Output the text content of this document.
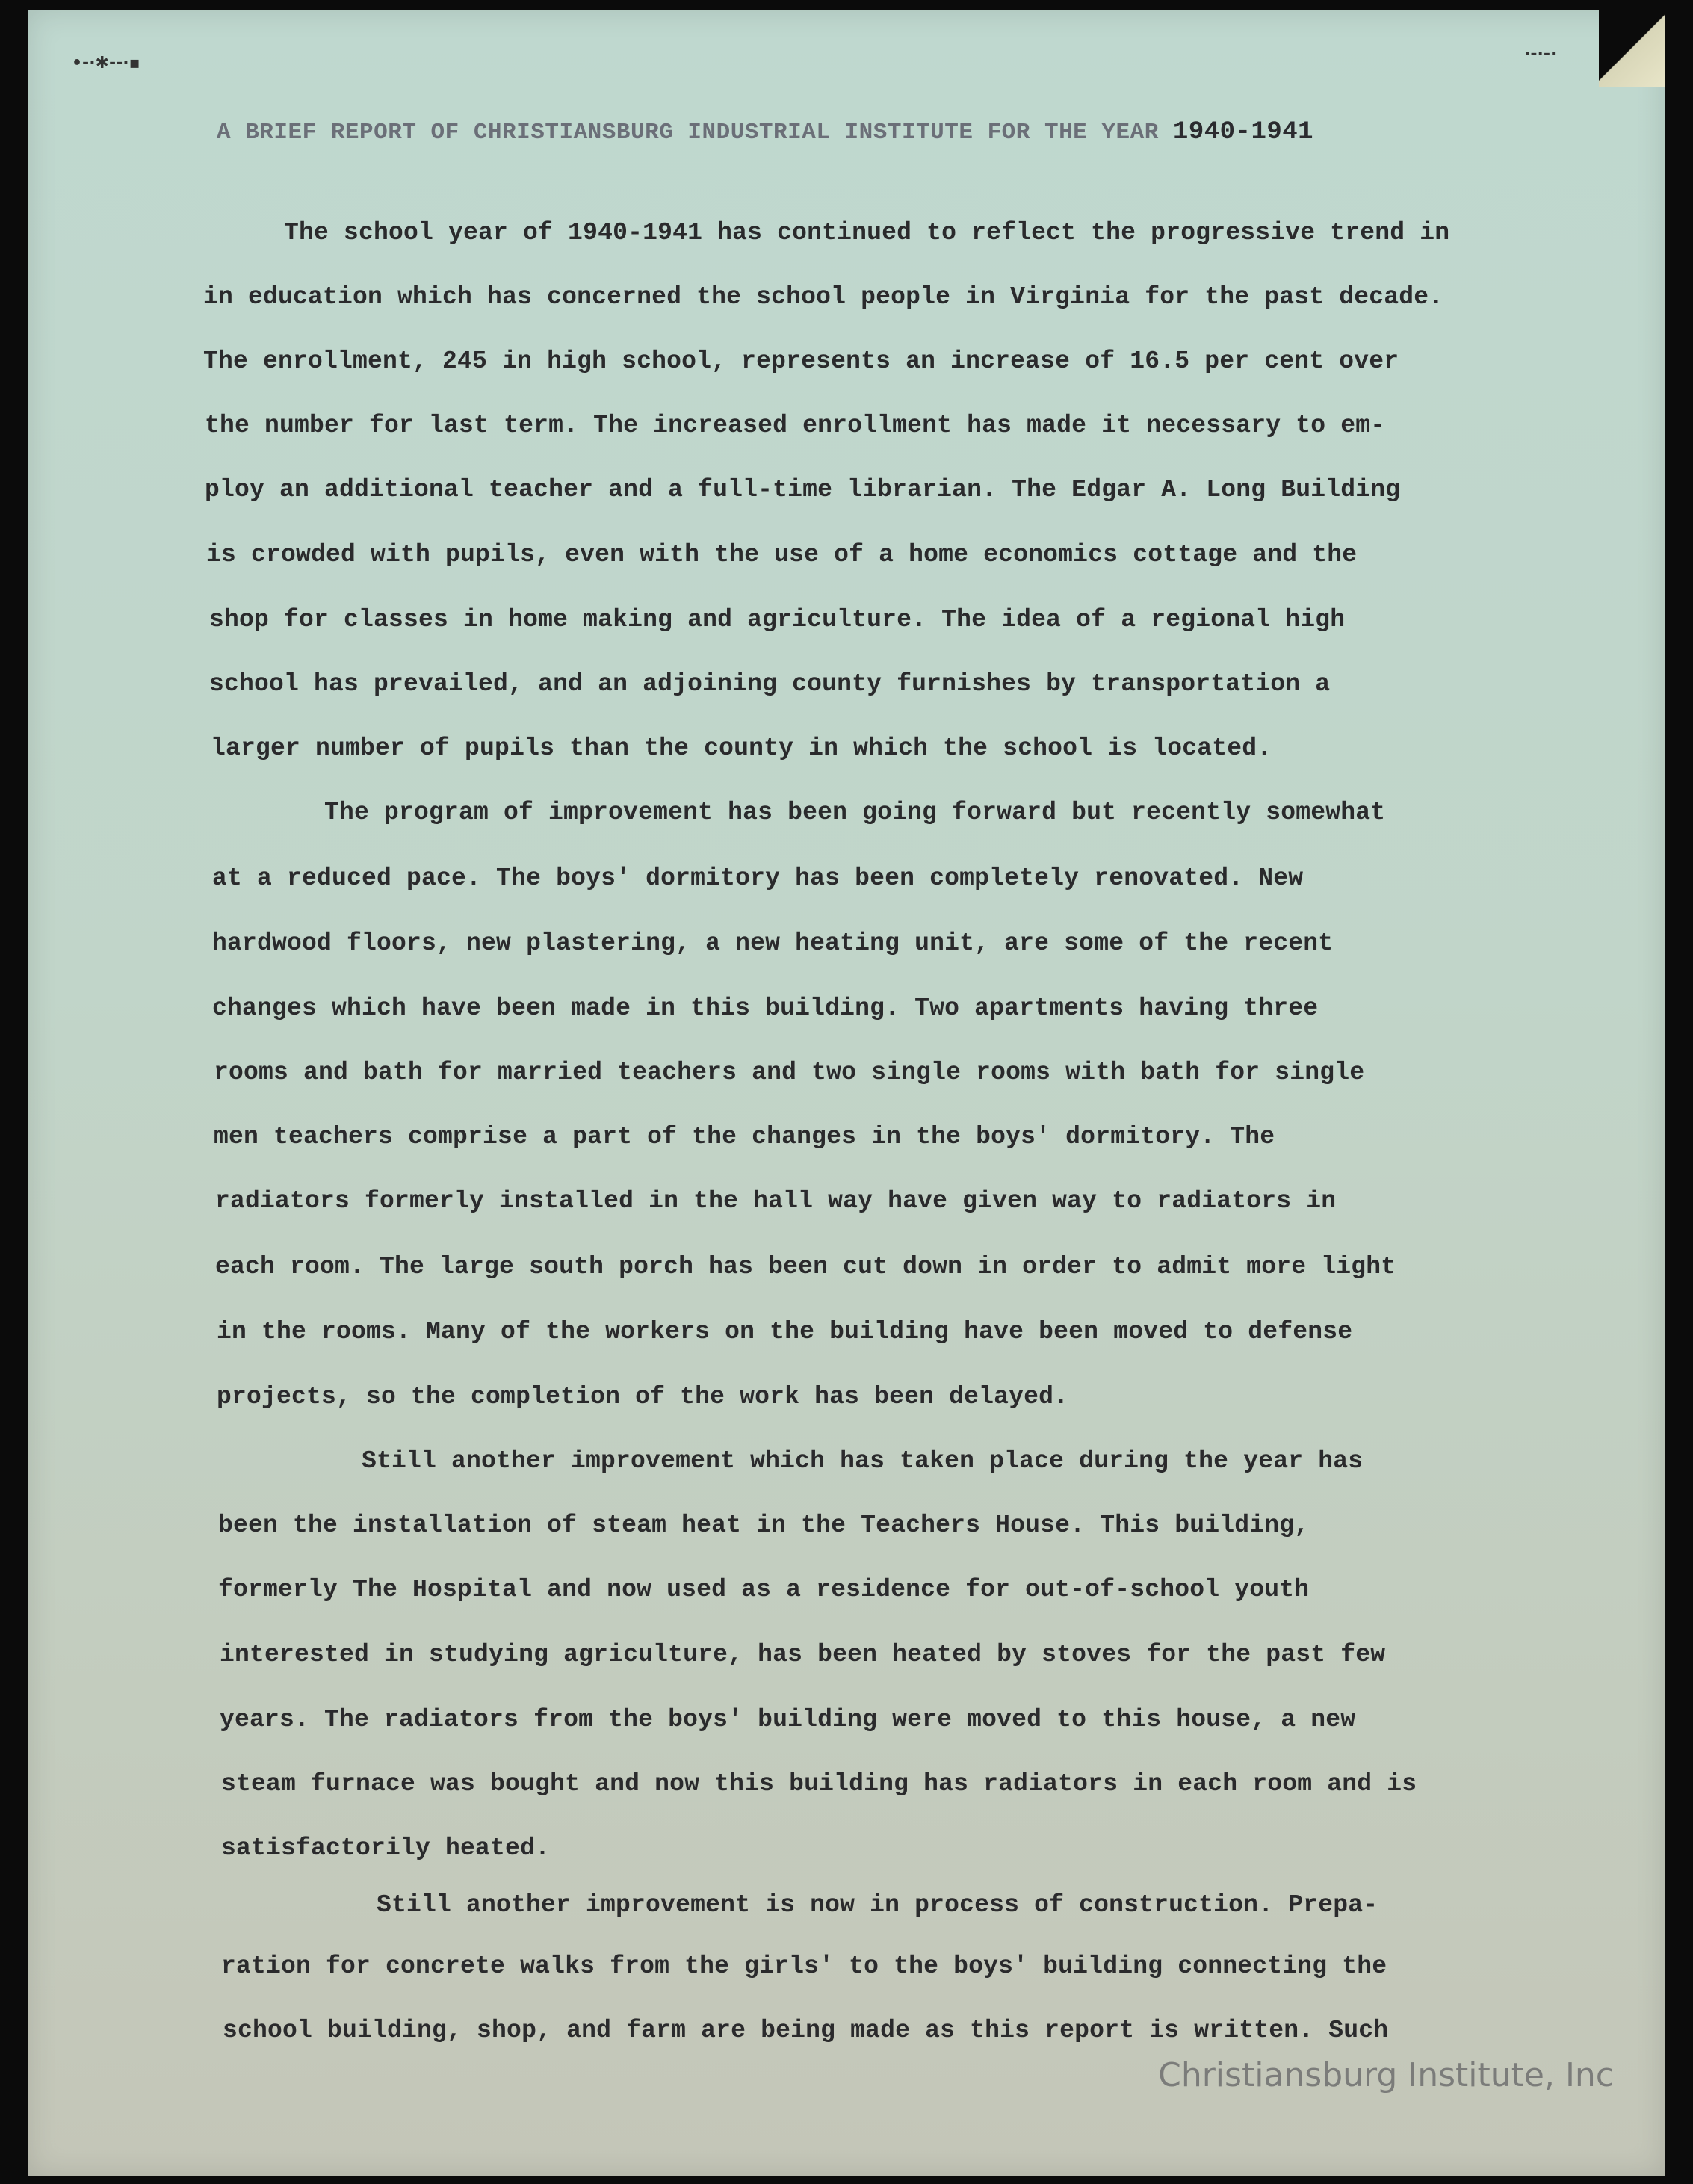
•-·✱--·▪	·-·-·
A BRIEF REPORT OF CHRISTIANSBURG INDUSTRIAL INSTITUTE FOR THE YEAR 1940-1941
The school year of 1940-1941 has continued to reflect the progressive trend in
in education which has concerned the school people in Virginia for the past decade.
The enrollment, 245 in high school, represents an increase of 16.5 per cent over
the number for last term. The increased enrollment has made it necessary to em-
ploy an additional teacher and a full-time librarian. The Edgar A. Long Building
is crowded with pupils, even with the use of a home economics cottage and the
shop for classes in home making and agriculture. The idea of a regional high
school has prevailed, and an adjoining county furnishes by transportation a
larger number of pupils than the county in which the school is located.
The program of improvement has been going forward but recently somewhat
at a reduced pace. The boys' dormitory has been completely renovated. New
hardwood floors, new plastering, a new heating unit, are some of the recent
changes which have been made in this building. Two apartments having three
rooms and bath for married teachers and two single rooms with bath for single
men teachers comprise a part of the changes in the boys' dormitory. The
radiators formerly installed in the hall way have given way to radiators in
each room. The large south porch has been cut down in order to admit more light
in the rooms. Many of the workers on the building have been moved to defense
projects, so the completion of the work has been delayed.
Still another improvement which has taken place during the year has
been the installation of steam heat in the Teachers House. This building,
formerly The Hospital and now used as a residence for out-of-school youth
interested in studying agriculture, has been heated by stoves for the past few
years. The radiators from the boys' building were moved to this house, a new
steam furnace was bought and now this building has radiators in each room and is
satisfactorily heated.
Still another improvement is now in process of construction. Prepa-
ration for concrete walks from the girls' to the boys' building connecting the
school building, shop, and farm are being made as this report is written. Such
Christiansburg Institute, Inc
